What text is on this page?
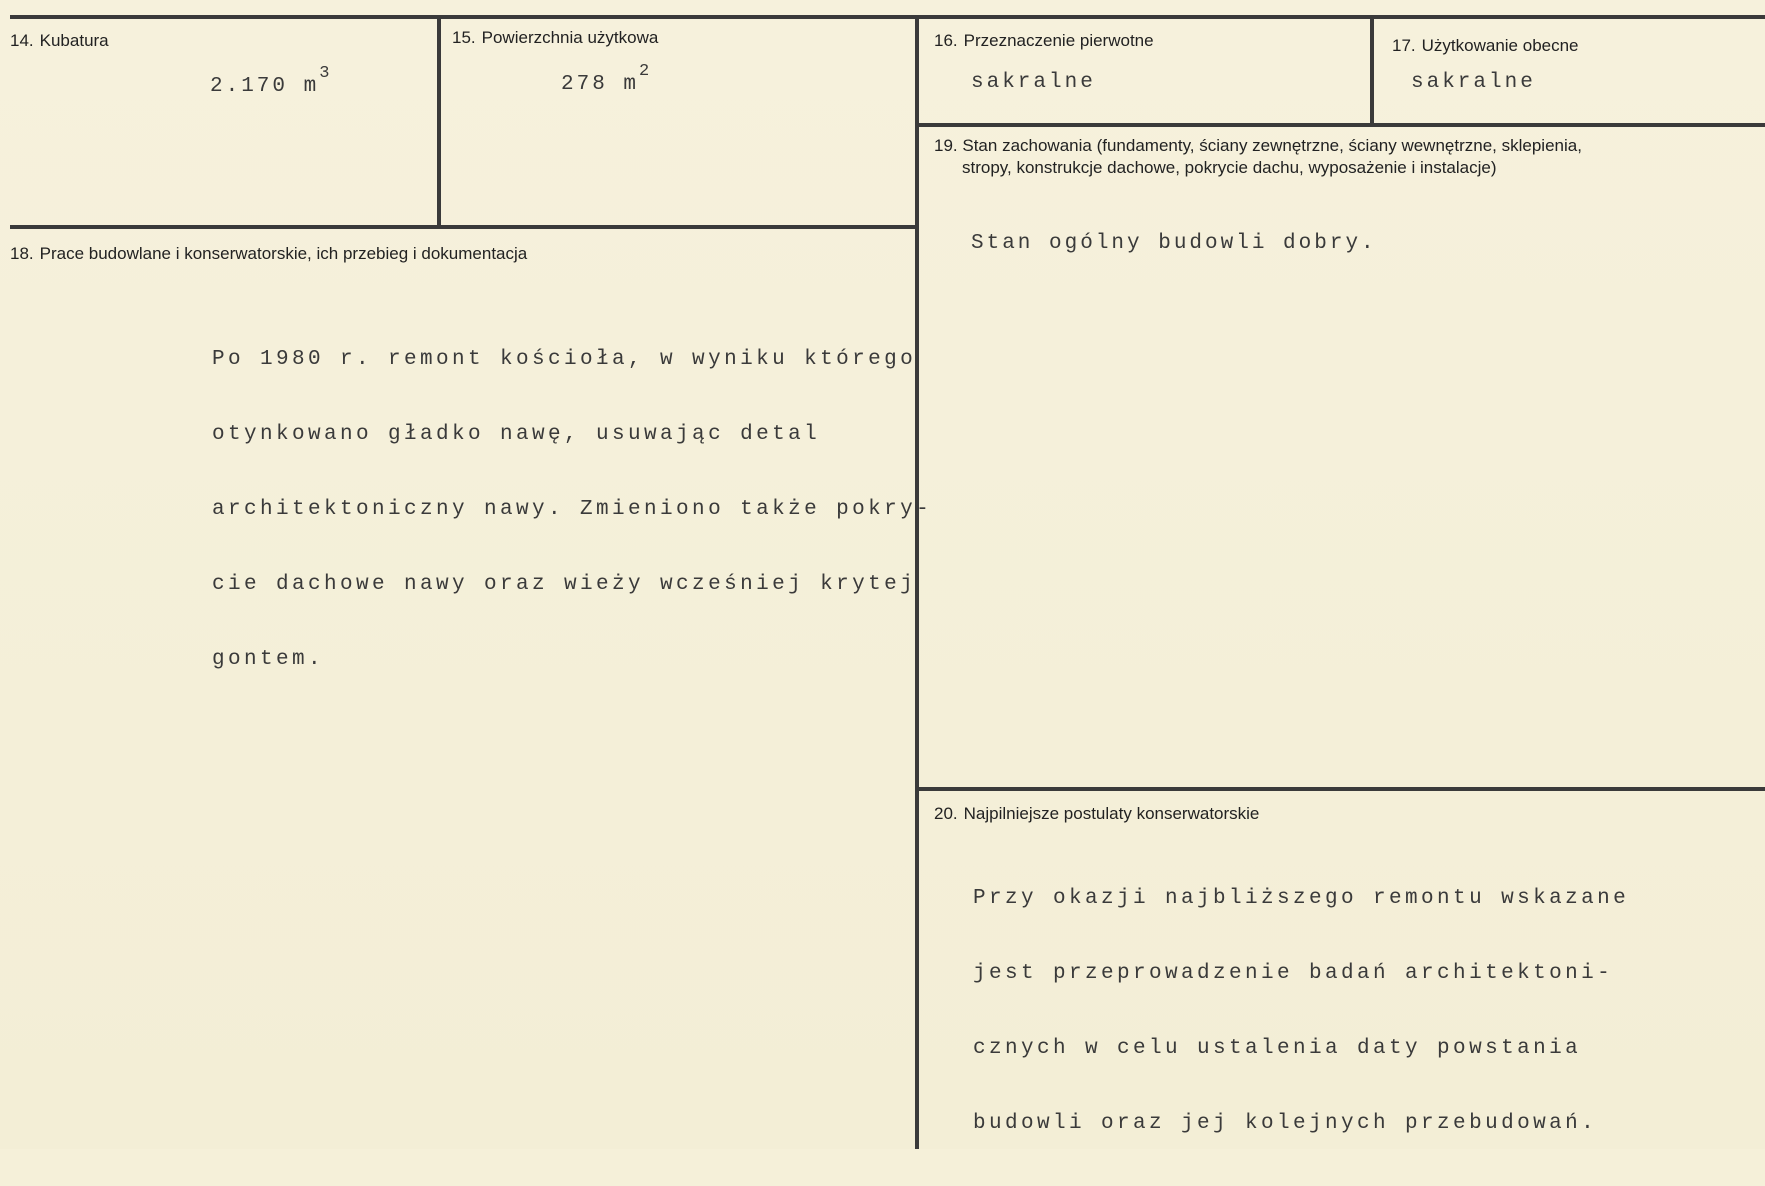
14. Kubatura
2.170 $m^3$
15. Powierzchnia użytkowa
278 $m^2$
16. Przeznaczenie pierwotne
sakralne
17. Użytkowanie obecne
sakralne
18. Prace budowlane i konserwatorskie, ich przebieg i dokumentacja

Po 1980 r. remont kościoła, w wyniku którego

otynkowano gładko nawę, usuwając detal

architektoniczny nawy. Zmieniono także pokry-

cie dachowe nawy oraz wieży wcześniej krytej

gontem.

19. Stan zachowania (fundamenty, ściany zewnętrzne, ściany wewnętrzne, sklepienia,
stropy, konstrukcje dachowe, pokrycie dachu, wyposażenie i instalacje)
Stan ogólny budowli dobry.
20. Najpilniejsze postulaty konserwatorskie

Przy okazji najbliższego remontu wskazane

jest przeprowadzenie badań architektoni-

cznych w celu ustalenia daty powstania

budowli oraz jej kolejnych przebudowań.
